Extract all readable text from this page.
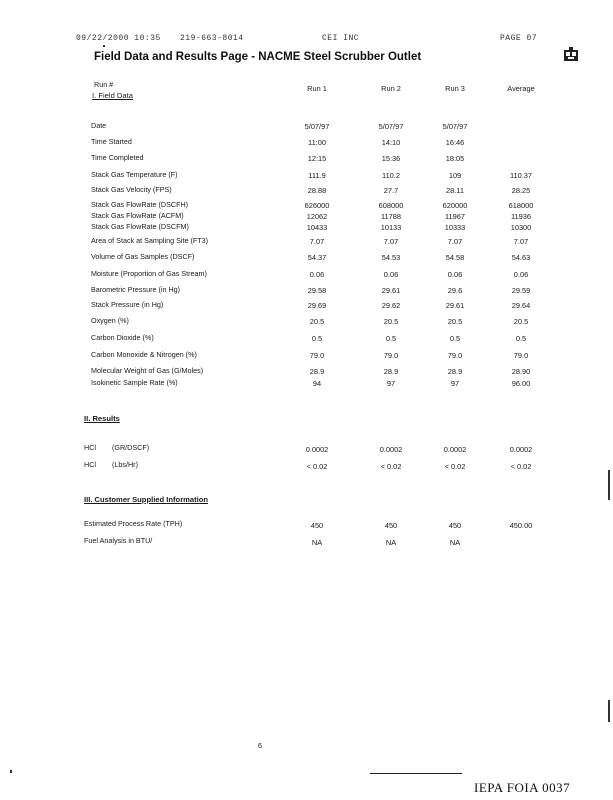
09/22/2000 10:35 219-663-8014	CEI INC	PAGE 07
Field Data and Results Page - NACME Steel Scrubber Outlet
Run #
I. Field Data
Run 1	Run 2	Run 3	Average
Date	5/07/97	5/07/97	5/07/97
Time Started	11:00	14:10	16:46
Time Completed	12:15	15:36	18:05
Stack Gas Temperature (F)	111.9	110.2	109	110.37
Stack Gas Velocity (FPS)	28.88	27.7	28.11	28.25
Stack Gas FlowRate (DSCFH)	626000	608000	620000	618000
Stack Gas FlowRate (ACFM)	12062	11788	11967	11936
Stack Gas FlowRate (DSCFM)	10433	10133	10333	10300
Area of Stack at Sampling Site (FT3)	7.07	7.07	7.07	7.07
Volume of Gas Samples (DSCF)	54.37	54.53	54.58	54.63
Moisture (Proportion of Gas Stream)	0.06	0.06	0.06	0.06
Barometric Pressure (in Hg)	29.58	29.61	29.6	29.59
Stack Pressure (in Hg)	29.69	29.62	29.61	29.64
Oxygen (%)	20.5	20.5	20.5	20.5
Carbon Dioxide (%)	0.5	0.5	0.5	0.5
Carbon Monoxide & Nitrogen (%)	79.0	79.0	79.0	79.0
Molecular Weight of Gas (G/Moles)	28.9	28.9	28.9	28.90
Isokinetic Sample Rate (%)	94	97	97	96.00
II. Results
HCl (GR/DSCF)	0.0002	0.0002	0.0002	0.0002
HCl (Lbs/Hr)	< 0.02	< 0.02	< 0.02	< 0.02
III. Customer Supplied Information
Estimated Process Rate (TPH)	450	450	450	450.00
Fuel Analysis in BTU/	NA	NA	NA
6
IEPA FOIA 0037
